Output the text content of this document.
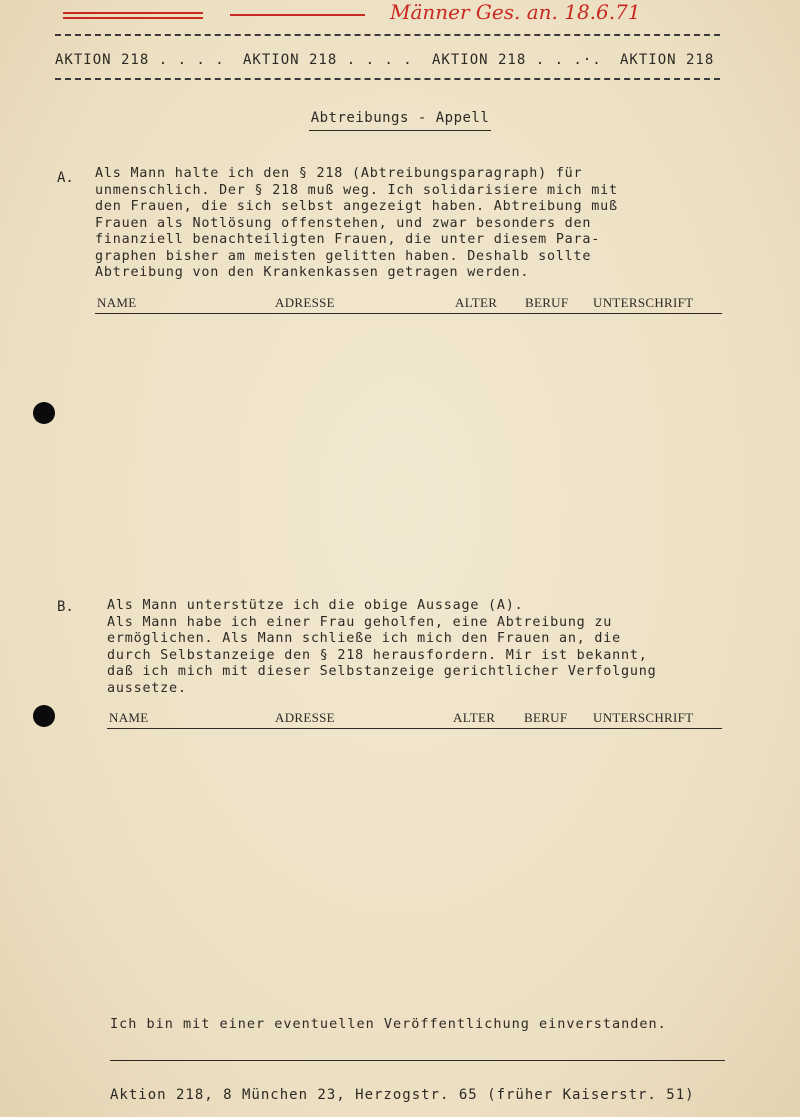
Männer Ges. an. 18.6.71
AKTION 218 . . . . AKTION 218 . . . . AKTION 218 . . .·. AKTION 218
Abtreibungs - Appell
A. Als Mann halte ich den § 218 (Abtreibungsparagraph) für
unmenschlich. Der § 218 muß weg. Ich solidarisiere mich mit
den Frauen, die sich selbst angezeigt haben. Abtreibung muß
Frauen als Notlösung offenstehen, und zwar besonders den
finanziell benachteiligten Frauen, die unter diesem Para-
graphen bisher am meisten gelitten haben. Deshalb sollte
Abtreibung von den Krankenkassen getragen werden.
NAME	ADRESSE	ALTER BERUF UNTERSCHRIFT
B. Als Mann unterstütze ich die obige Aussage (A).
Als Mann habe ich einer Frau geholfen, eine Abtreibung zu
ermöglichen. Als Mann schließe ich mich den Frauen an, die
durch Selbstanzeige den § 218 herausfordern. Mir ist bekannt,
daß ich mich mit dieser Selbstanzeige gerichtlicher Verfolgung
aussetze.
NAME	ADRESSE	ALTER BERUF UNTERSCHRIFT
Ich bin mit einer eventuellen Veröffentlichung einverstanden.
Aktion 218, 8 München 23, Herzogstr. 65 (früher Kaiserstr. 51)
